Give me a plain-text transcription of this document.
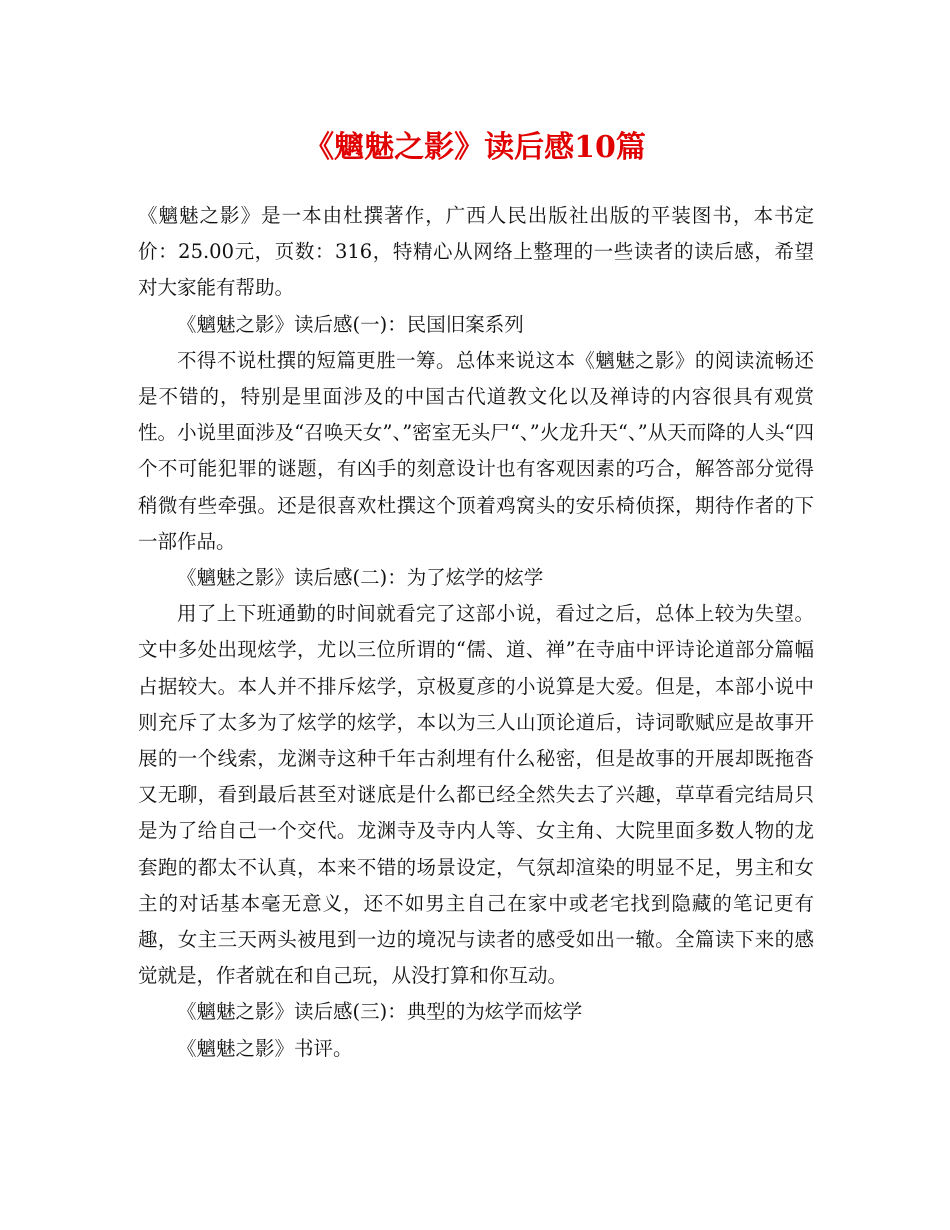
《魑魅之影》读后感10篇

《魑魅之影》是一本由杜撰著作，广西人民出版社出版的平装图书，本书定价：25.00元，页数：316，特精心从网络上整理的一些读者的读后感，希望对大家能有帮助。

《魑魅之影》读后感(一)：民国旧案系列

不得不说杜撰的短篇更胜一筹。总体来说这本《魑魅之影》的阅读流畅还是不错的，特别是里面涉及的中国古代道教文化以及禅诗的内容很具有观赏性。小说里面涉及“召唤天女”、”密室无头尸“、”火龙升天“、”从天而降的人头“四个不可能犯罪的谜题，有凶手的刻意设计也有客观因素的巧合，解答部分觉得稍微有些牵强。还是很喜欢杜撰这个顶着鸡窝头的安乐椅侦探，期待作者的下一部作品。

《魑魅之影》读后感(二)：为了炫学的炫学

用了上下班通勤的时间就看完了这部小说，看过之后，总体上较为失望。文中多处出现炫学，尤以三位所谓的“儒、道、禅”在寺庙中评诗论道部分篇幅占据较大。本人并不排斥炫学，京极夏彦的小说算是大爱。但是，本部小说中则充斥了太多为了炫学的炫学，本以为三人山顶论道后，诗词歌赋应是故事开展的一个线索，龙渊寺这种千年古刹埋有什么秘密，但是故事的开展却既拖沓又无聊，看到最后甚至对谜底是什么都已经全然失去了兴趣，草草看完结局只是为了给自己一个交代。龙渊寺及寺内人等、女主角、大院里面多数人物的龙套跑的都太不认真，本来不错的场景设定，气氛却渲染的明显不足，男主和女主的对话基本毫无意义，还不如男主自己在家中或老宅找到隐藏的笔记更有趣，女主三天两头被甩到一边的境况与读者的感受如出一辙。全篇读下来的感觉就是，作者就在和自己玩，从没打算和你互动。

《魑魅之影》读后感(三)：典型的为炫学而炫学

《魑魅之影》书评。
